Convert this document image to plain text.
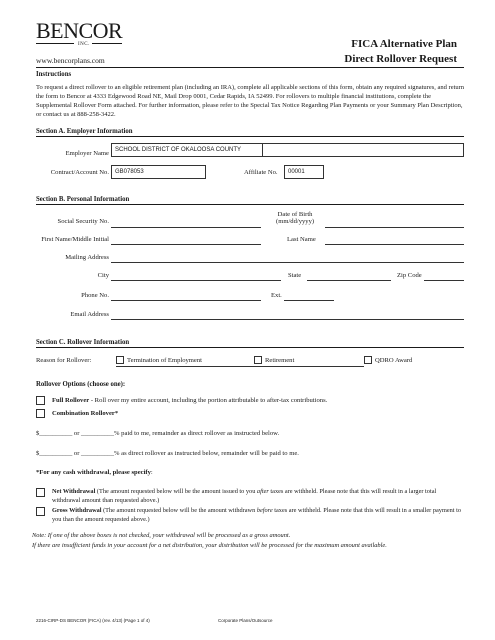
BENCOR
INC.
www.bencorplans.com
FICA Alternative Plan
Direct Rollover Request
Instructions
To request a direct rollover to an eligible retirement plan (including an IRA), complete all applicable sections of this form, obtain any required signatures, and return the form to Bencor at 4333 Edgewood Road NE, Mail Drop 0001, Cedar Rapids, IA 52499. For rollovers to multiple financial institutions, complete the Supplemental Rollover Form attached. For further information, please refer to the Special Tax Notice Regarding Plan Payments or your Summary Plan Description, or contact us at 888-258-3422.
Section A. Employer Information
Employer Name	SCHOOL DISTRICT OF OKALOOSA COUNTY
Contract/Account No.	GB078053	Affiliate No.	00001
Section B. Personal Information
Social Security No.
Date of Birth
(mm/dd/yyyy)
First Name/Middle Initial	Last Name
Mailing Address
City	State	Zip Code
Phone No.	Ext.
Email Address
Section C. Rollover Information
Reason for Rollover:	Termination of Employment	Retirement	QDRO Award
Rollover Options (choose one):
Full Rollover - Roll over my entire account, including the portion attributable to after-tax contributions.
Combination Rollover*
$__________ or __________% paid to me, remainder as direct rollover as instructed below.
$__________ or __________% as direct rollover as instructed below, remainder will be paid to me.
*For any cash withdrawal, please specify:
Net Withdrawal (The amount requested below will be the amount issued to you after taxes are withheld. Please note that this will result in a larger total withdrawal amount than requested above.)
Gross Withdrawal (The amount requested below will be the amount withdrawn before taxes are withheld. Please note that this will result in a smaller payment to you than the amount requested above.)
Note: If one of the above boxes is not checked, your withdrawal will be processed as a gross amount.
If there are insufficient funds in your account for a net distribution, your distribution will be processed for the maximum amount available.
2216-CIRP-DS BENCOR (FICA) (rev. 4/13) (Page 1 of 4)	Corporate Plans/Outsource
